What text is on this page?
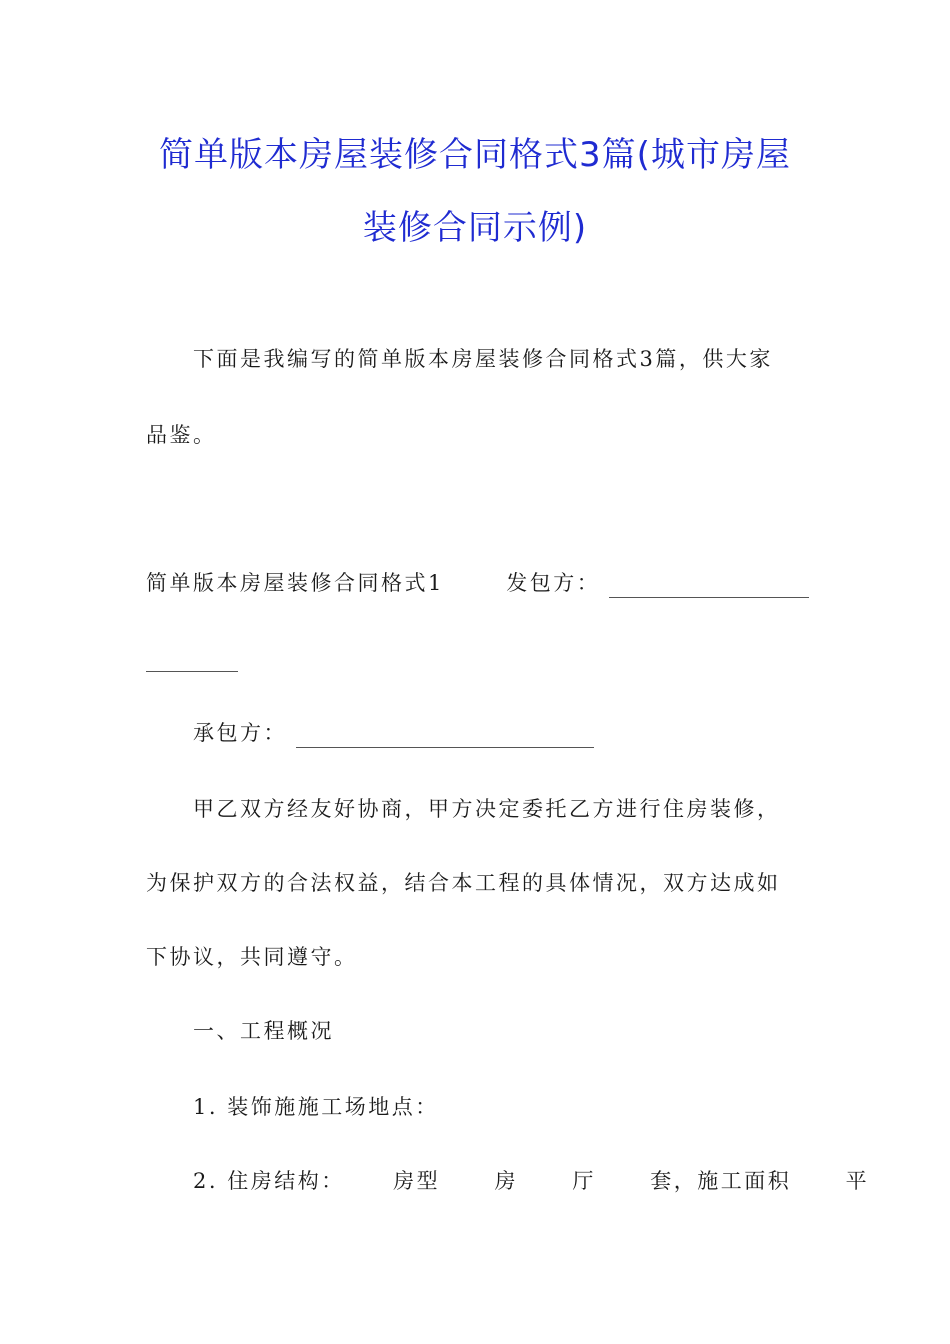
简单版本房屋装修合同格式3篇(城市房屋
装修合同示例)
下面是我编写的简单版本房屋装修合同格式3篇，供大家
品鉴。
简单版本房屋装修合同格式1	发包方：
承包方：
甲乙双方经友好协商，甲方决定委托乙方进行住房装修，
为保护双方的合法权益，结合本工程的具体情况，双方达成如
下协议，共同遵守。
一、工程概况
1. 装饰施施工场地点：
2. 住房结构： 房型	房	厅	套，施工面积	平
